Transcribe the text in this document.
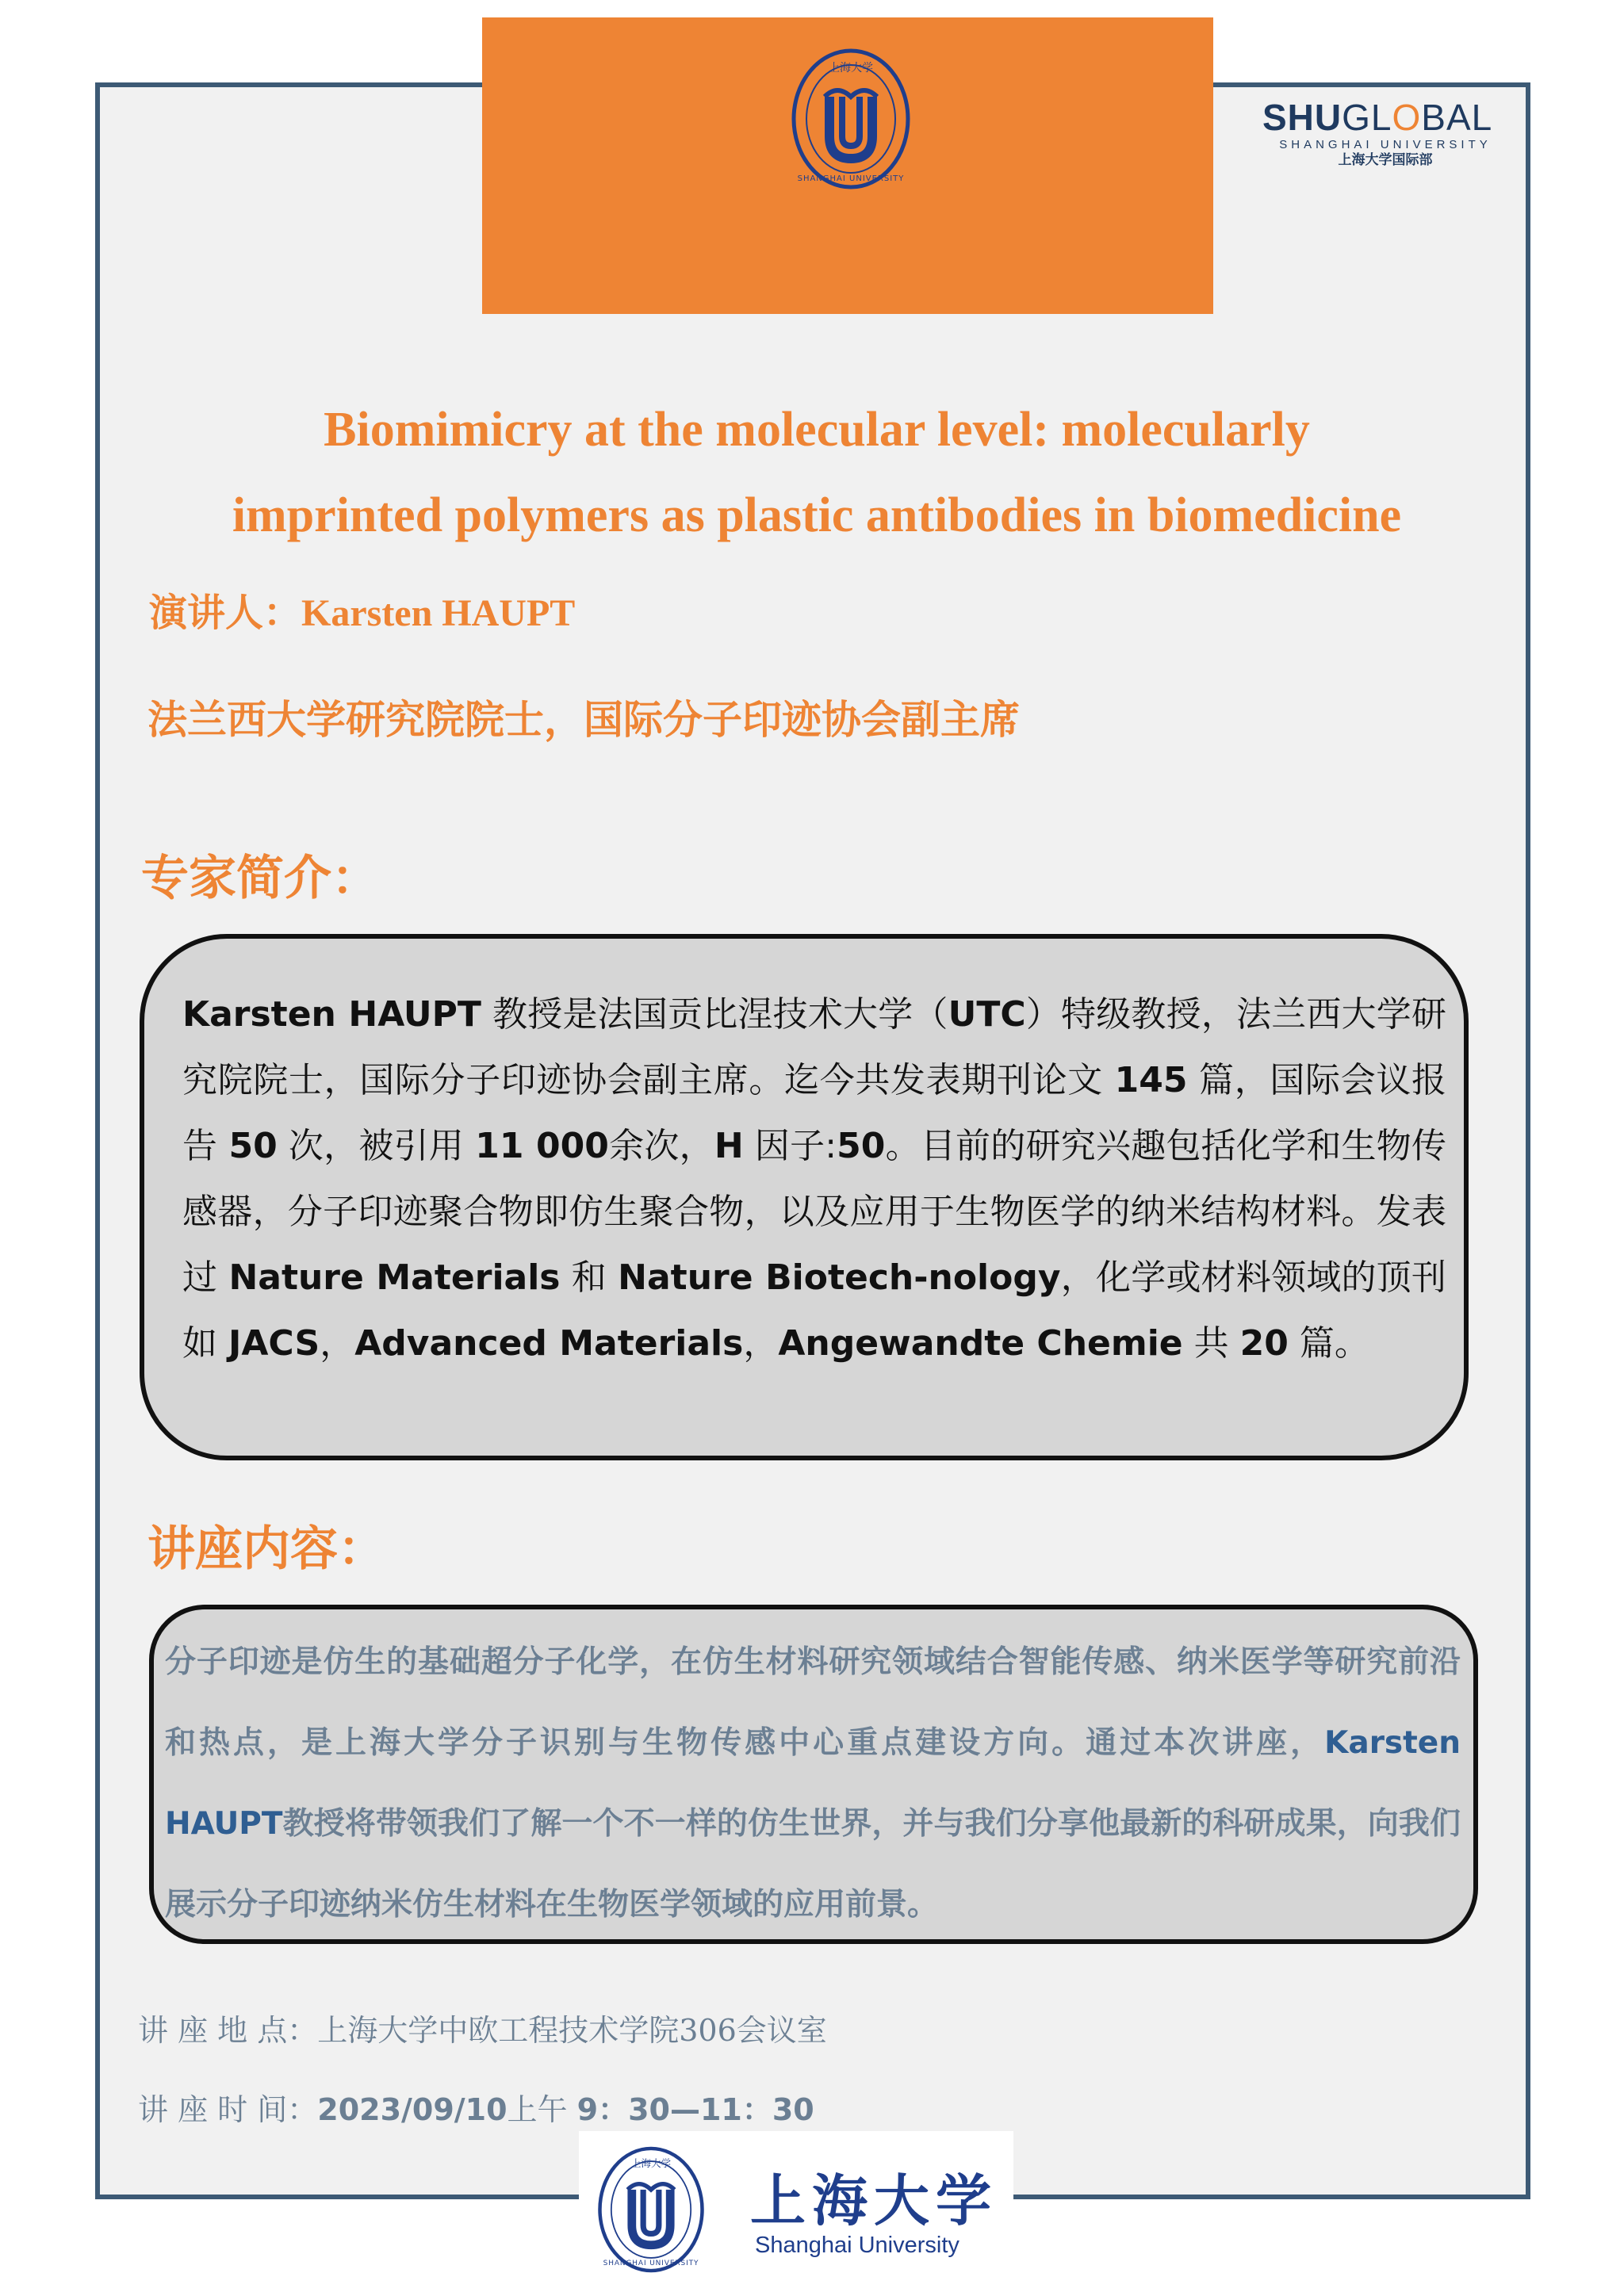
上海大学
SHANGHAI UNIVERSITY
SHUGLOBAL
SHANGHAI UNIVERSITY
上海大学国际部
Biomimicry at the molecular level: molecularly
imprinted polymers as plastic antibodies in biomedicine
演讲人：Karsten HAUPT
法兰西大学研究院院士，国际分子印迹协会副主席
专家简介：
Karsten HAUPT 教授是法国贡比涅技术大学（UTC）特级教授，法兰西大学研究院院士，国际分子印迹协会副主席。迄今共发表期刊论文 145 篇，国际会议报告 50 次，被引用 11 000余次，H 因子:50。目前的研究兴趣包括化学和生物传感器，分子印迹聚合物即仿生聚合物，以及应用于生物医学的纳米结构材料。发表过 Nature Materials 和 Nature Biotech-nology，化学或材料领域的顶刊如 JACS，Advanced Materials，Angewandte Chemie 共 20 篇。
讲座内容：
分子印迹是仿生的基础超分子化学，在仿生材料研究领域结合智能传感、纳米医学等研究前沿和热点，是上海大学分子识别与生物传感中心重点建设方向。通过本次讲座，Karsten HAUPT教授将带领我们了解一个不一样的仿生世界，并与我们分享他最新的科研成果，向我们展示分子印迹纳米仿生材料在生物医学领域的应用前景。
讲 座 地 点：上海大学中欧工程技术学院306会议室
讲 座 时 间：2023/09/10上午 9：30—11：30
上海大学
SHANGHAI UNIVERSITY
上海大学
Shanghai University
